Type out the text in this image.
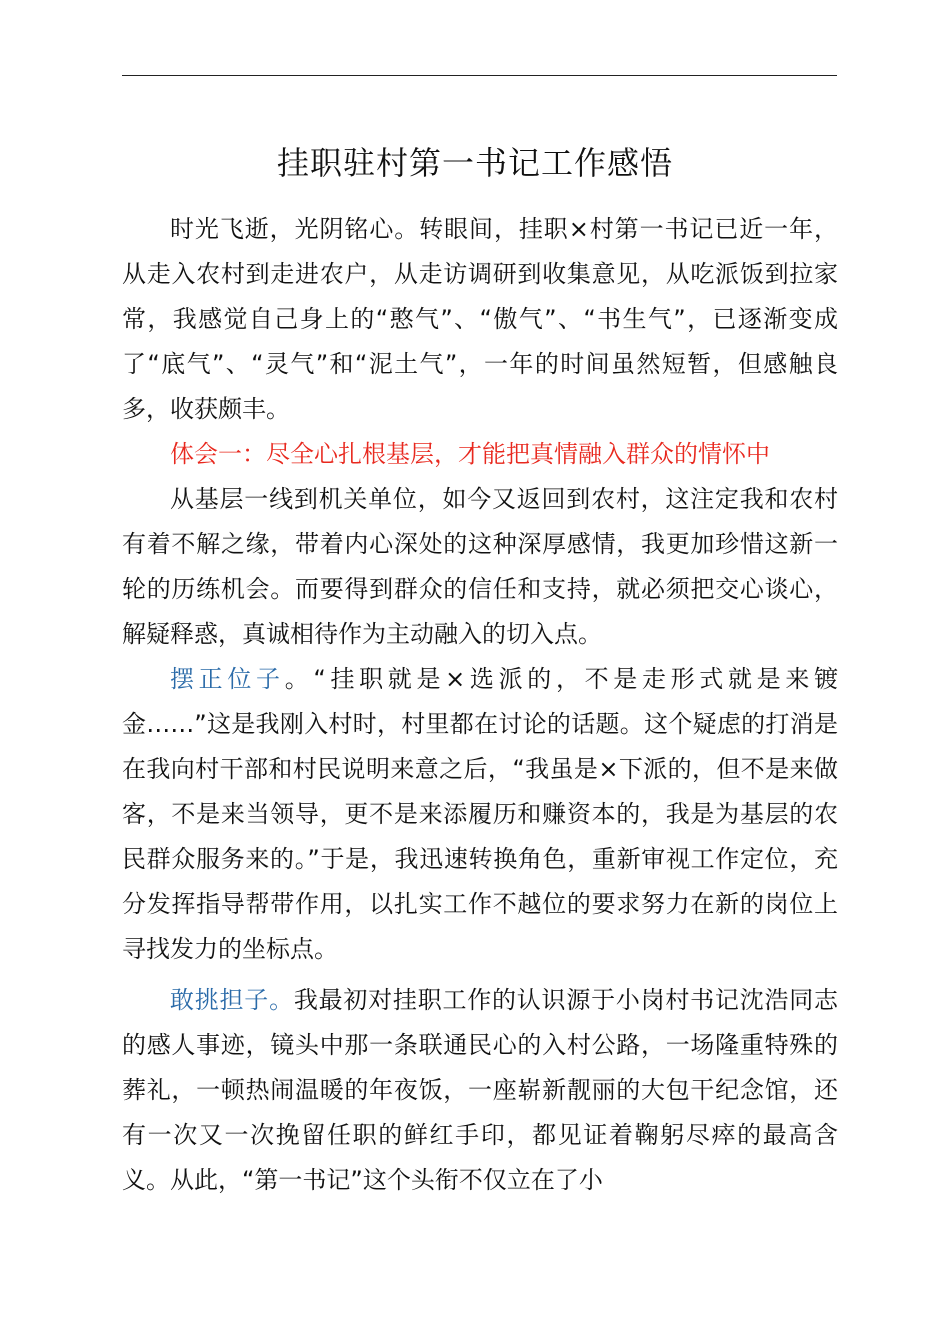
挂职驻村第一书记工作感悟

时光飞逝，光阴铭心。转眼间，挂职×村第一书记已近一年，从走入农村到走进农户，从走访调研到收集意见，从吃派饭到拉家常，我感觉自己身上的“憨气”、“傲气”、“书生气”，已逐渐变成了“底气”、“灵气”和“泥土气”，一年的时间虽然短暂，但感触良多，收获颇丰。

体会一：尽全心扎根基层，才能把真情融入群众的情怀中

从基层一线到机关单位，如今又返回到农村，这注定我和农村有着不解之缘，带着内心深处的这种深厚感情，我更加珍惜这新一轮的历练机会。而要得到群众的信任和支持，就必须把交心谈心，解疑释惑，真诚相待作为主动融入的切入点。

摆正位子。“挂职就是×选派的，不是走形式就是来镀金……”这是我刚入村时，村里都在讨论的话题。这个疑虑的打消是在我向村干部和村民说明来意之后，“我虽是×下派的，但不是来做客，不是来当领导，更不是来添履历和赚资本的，我是为基层的农民群众服务来的。”于是，我迅速转换角色，重新审视工作定位，充分发挥指导帮带作用，以扎实工作不越位的要求努力在新的岗位上寻找发力的坐标点。

敢挑担子。我最初对挂职工作的认识源于小岗村书记沈浩同志的感人事迹，镜头中那一条联通民心的入村公路，一场隆重特殊的葬礼，一顿热闹温暖的年夜饭，一座崭新靓丽的大包干纪念馆，还有一次又一次挽留任职的鲜红手印，都见证着鞠躬尽瘁的最高含义。从此，“第一书记”这个头衔不仅立在了小
